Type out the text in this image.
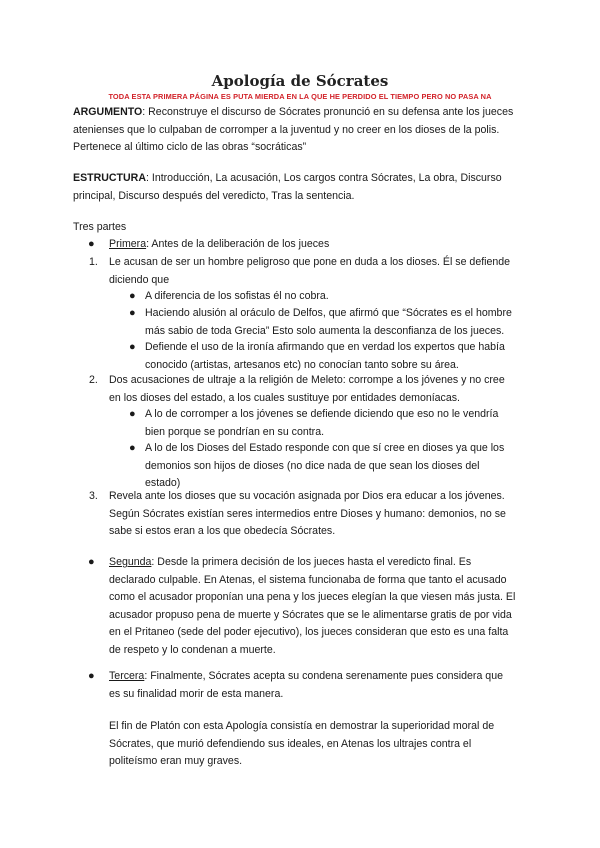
Apología de Sócrates
TODA ESTA PRIMERA PÁGINA ES PUTA MIERDA EN LA QUE HE PERDIDO EL TIEMPO PERO NO PASA NA
ARGUMENTO: Reconstruye el discurso de Sócrates pronunció en su defensa ante los jueces
atenienses que lo culpaban de corromper a la juventud y no creer en los dioses de la polis.
Pertenece al último ciclo de las obras “socráticas”
ESTRUCTURA: Introducción, La acusación, Los cargos contra Sócrates, La obra, Discurso
principal, Discurso después del veredicto, Tras la sentencia.
Tres partes
● Primera: Antes de la deliberación de los jueces
1. Le acusan de ser un hombre peligroso que pone en duda a los dioses. Él se defiende
diciendo que
● A diferencia de los sofistas él no cobra.
● Haciendo alusión al oráculo de Delfos, que afirmó que “Sócrates es el hombre
más sabio de toda Grecia” Esto solo aumenta la desconfianza de los jueces.
● Defiende el uso de la ironía afirmando que en verdad los expertos que había
conocido (artistas, artesanos etc) no conocían tanto sobre su área.
2. Dos acusaciones de ultraje a la religión de Meleto: corrompe a los jóvenes y no cree
en los dioses del estado, a los cuales sustituye por entidades demoníacas.
● A lo de corromper a los jóvenes se defiende diciendo que eso no le vendría
bien porque se pondrían en su contra.
● A lo de los Dioses del Estado responde con que sí cree en dioses ya que los
demonios son hijos de dioses (no dice nada de que sean los dioses del
estado)
3. Revela ante los dioses que su vocación asignada por Dios era educar a los jóvenes.
Según Sócrates existían seres intermedios entre Dioses y humano: demonios, no se
sabe si estos eran a los que obedecía Sócrates.
● Segunda: Desde la primera decisión de los jueces hasta el veredicto final. Es
declarado culpable. En Atenas, el sistema funcionaba de forma que tanto el acusado
como el acusador proponían una pena y los jueces elegían la que viesen más justa. El
acusador propuso pena de muerte y Sócrates que se le alimentarse gratis de por vida
en el Pritaneo (sede del poder ejecutivo), los jueces consideran que esto es una falta
de respeto y lo condenan a muerte.
● Tercera: Finalmente, Sócrates acepta su condena serenamente pues considera que
es su finalidad morir de esta manera.
El fin de Platón con esta Apología consistía en demostrar la superioridad moral de
Sócrates, que murió defendiendo sus ideales, en Atenas los ultrajes contra el
politeísmo eran muy graves.
